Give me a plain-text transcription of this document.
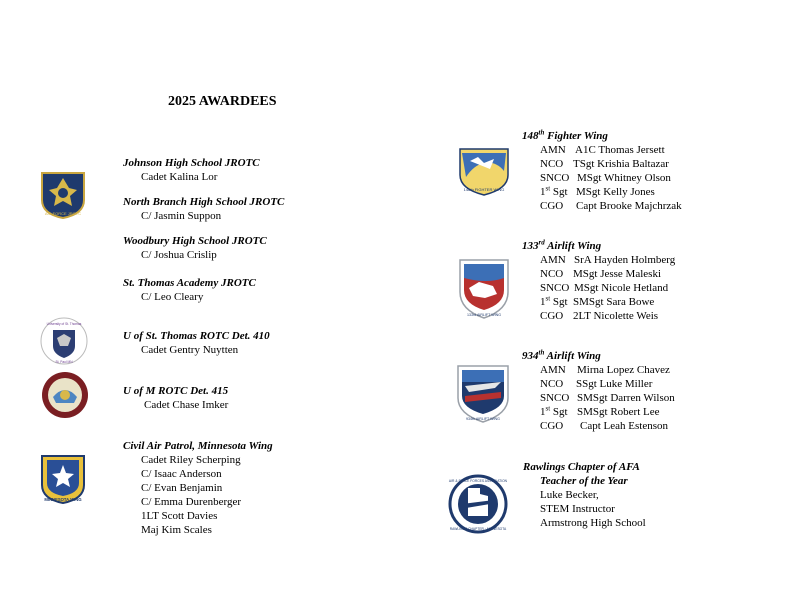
2025 AWARDEES
Johnson High School JROTC
Cadet Kalina Lor
North Branch High School JROTC
C/ Jasmin Suppon
Woodbury High School JROTC
C/ Joshua Crislip
St. Thomas Academy JROTC
C/ Leo Cleary
U of St. Thomas ROTC Det. 410
Cadet Gentry Nuytten
U of M ROTC Det. 415
Cadet Chase Imker
Civil Air Patrol, Minnesota Wing
Cadet Riley Scherping
C/ Isaac Anderson
C/ Evan Benjamin
C/ Emma Durenberger
1LT Scott Davies
Maj Kim Scales
148th Fighter Wing
AMN A1C Thomas Jersett
NCO TSgt Krishia Baltazar
SNCO MSgt Whitney Olson
1st Sgt MSgt Kelly Jones
CGO Capt Brooke Majchrzak
133rd Airlift Wing
AMN SrA Hayden Holmberg
NCO MSgt Jesse Maleski
SNCO MSgt Nicole Hetland
1st Sgt SMSgt Sara Bowe
CGO 2LT Nicolette Weis
934th Airlift Wing
AMN Mirna Lopez Chavez
NCO SSgt Luke Miller
SNCO SMSgt Darren Wilson
1st Sgt SMSgt Robert Lee
CGO Capt Leah Estenson
Rawlings Chapter of AFA
Teacher of the Year
Luke Becker,
STEM Instructor
Armstrong High School
AIR FORCE JROTC
University of St. Thomas
St. Paul MN
MINNESOTA WING
148th FIGHTER WING
133rd AIRLIFT WING
934th AIRLIFT WING
AIR & SPACE FORCES ASSOCIATION
RAWLINGS CHAPTER · MINNESOTA
